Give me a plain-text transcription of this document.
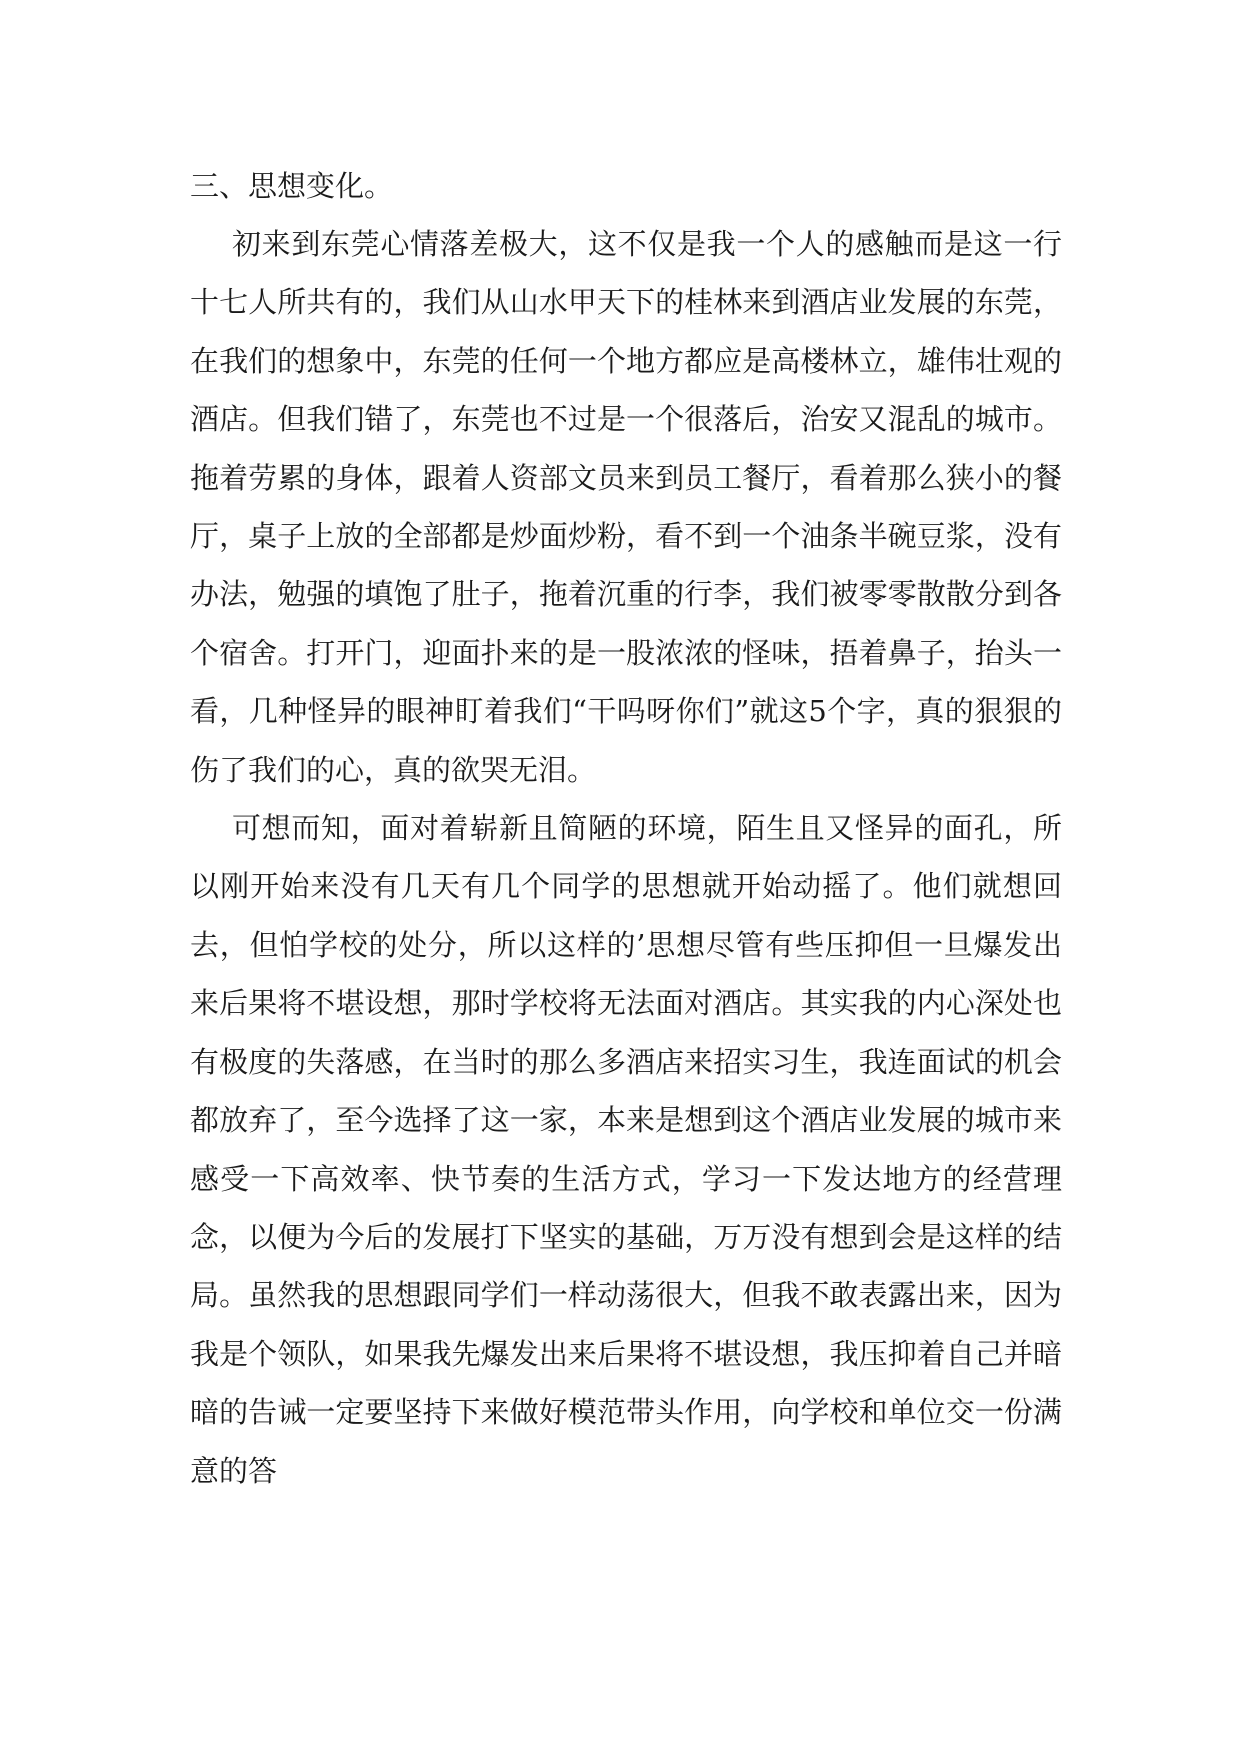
三、思想变化。

初来到东莞心情落差极大，这不仅是我一个人的感触而是这一行十七人所共有的，我们从山水甲天下的桂林来到酒店业发展的东莞，在我们的想象中，东莞的任何一个地方都应是高楼林立，雄伟壮观的酒店。但我们错了，东莞也不过是一个很落后，治安又混乱的城市。拖着劳累的身体，跟着人资部文员来到员工餐厅，看着那么狭小的餐厅，桌子上放的全部都是炒面炒粉，看不到一个油条半碗豆浆，没有办法，勉强的填饱了肚子，拖着沉重的行李，我们被零零散散分到各个宿舍。打开门，迎面扑来的是一股浓浓的怪味，捂着鼻子，抬头一看，几种怪异的眼神盯着我们“干吗呀你们”就这5个字，真的狠狠的伤了我们的心，真的欲哭无泪。

可想而知，面对着崭新且简陋的环境，陌生且又怪异的面孔，所以刚开始来没有几天有几个同学的思想就开始动摇了。他们就想回去，但怕学校的处分，所以这样的’思想尽管有些压抑但一旦爆发出来后果将不堪设想，那时学校将无法面对酒店。其实我的内心深处也有极度的失落感，在当时的那么多酒店来招实习生，我连面试的机会都放弃了，至今选择了这一家，本来是想到这个酒店业发展的城市来感受一下高效率、快节奏的生活方式，学习一下发达地方的经营理念，以便为今后的发展打下坚实的基础，万万没有想到会是这样的结局。虽然我的思想跟同学们一样动荡很大，但我不敢表露出来，因为我是个领队，如果我先爆发出来后果将不堪设想，我压抑着自己并暗暗的告诫一定要坚持下来做好模范带头作用，向学校和单位交一份满意的答
